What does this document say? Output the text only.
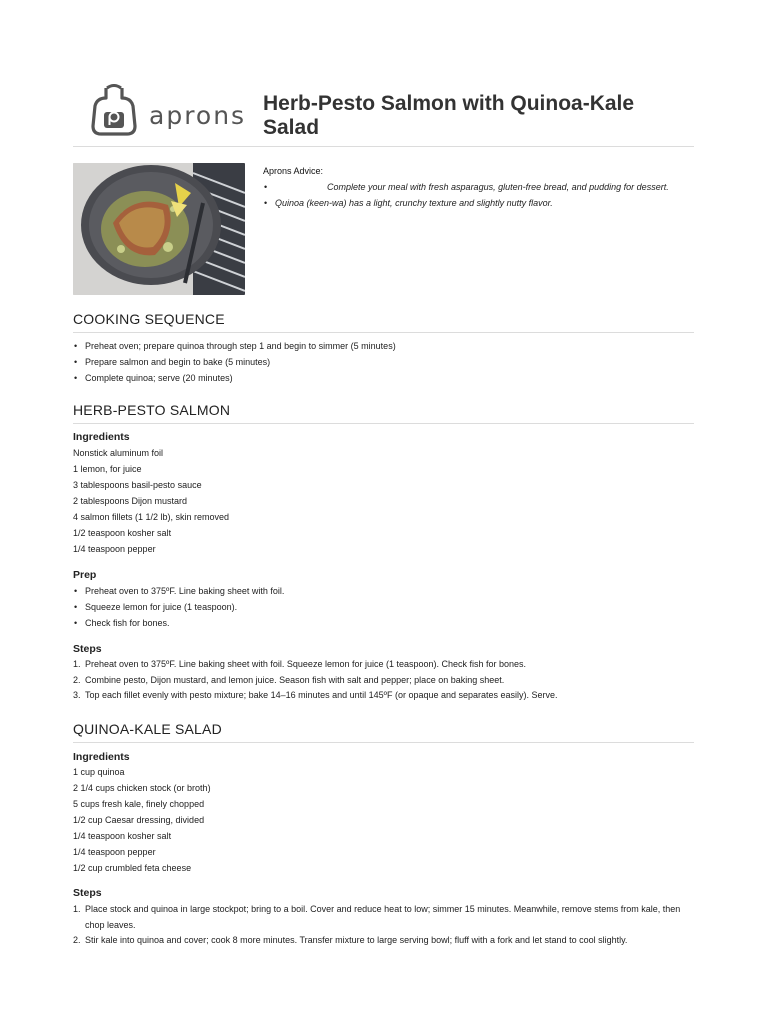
aprons Herb-Pesto Salmon with Quinoa-Kale Salad

Aprons Advice:

• Complete your meal with fresh asparagus, gluten-free bread, and pudding for dessert.
• Quinoa (keen-wa) has a light, crunchy texture and slightly nutty flavor.
COOKING SEQUENCE
• Preheat oven; prepare quinoa through step 1 and begin to simmer (5 minutes)
• Prepare salmon and begin to bake (5 minutes)
• Complete quinoa; serve (20 minutes)
HERB-PESTO SALMON
Ingredients
Nonstick aluminum foil
1 lemon, for juice
3 tablespoons basil-pesto sauce
2 tablespoons Dijon mustard
4 salmon fillets (1 1/2 lb), skin removed
1/2 teaspoon kosher salt
1/4 teaspoon pepper
Prep
• Preheat oven to 375ºF. Line baking sheet with foil.
• Squeeze lemon for juice (1 teaspoon).
• Check fish for bones.
Steps
1. Preheat oven to 375ºF. Line baking sheet with foil. Squeeze lemon for juice (1 teaspoon). Check fish for bones.
2. Combine pesto, Dijon mustard, and lemon juice. Season fish with salt and pepper; place on baking sheet.
3. Top each fillet evenly with pesto mixture; bake 14–16 minutes and until 145ºF (or opaque and separates easily). Serve.
QUINOA-KALE SALAD
Ingredients
1 cup quinoa
2 1/4 cups chicken stock (or broth)
5 cups fresh kale, finely chopped
1/2 cup Caesar dressing, divided
1/4 teaspoon kosher salt
1/4 teaspoon pepper
1/2 cup crumbled feta cheese
Steps
1. Place stock and quinoa in large stockpot; bring to a boil. Cover and reduce heat to low; simmer 15 minutes. Meanwhile, remove stems from kale, then chop leaves.
2. Stir kale into quinoa and cover; cook 8 more minutes. Transfer mixture to large serving bowl; fluff with a fork and let stand to cool slightly.
